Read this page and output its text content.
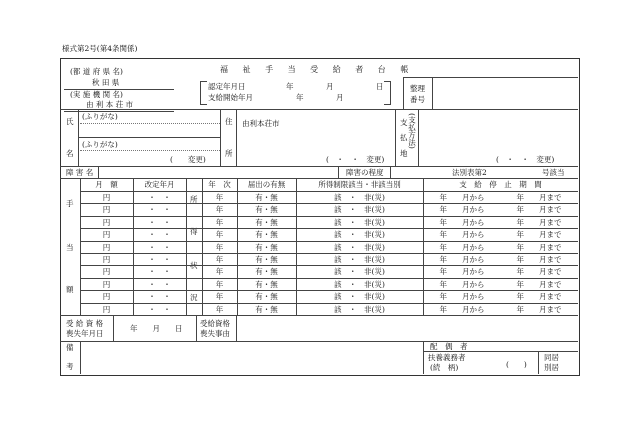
様式第2号(第4条関係)
(都 道 府 県 名)
秋 田 県
(実 施 機 関 名)
由 利 本 荘 市
福 祉 手 当 受 給 者 台 帳
認定年月日	年	月	日
支給開始年月	年	月
整理
番号
氏
名
(ふりがな)
(ふりがな)
(　　変更)
住
所
由利本荘市
(　・　・　変更)
支
払
地
(支払方法)
(　・　・　変更)
障 害 名	障害の程度	法別表第2	号該当
手
当
額
所
得
状
況
月　額	改定年月	年　次	届出の有無	所得制限該当・非該当別	支　給　停　止　期　間
円	・　・	年	有・無	該　・　非(災)	年　　月から	年　　月まで
円	・　・	年	有・無	該　・　非(災)	年　　月から	年　　月まで
円	・　・	年	有・無	該　・　非(災)	年　　月から	年　　月まで
円	・　・	年	有・無	該　・　非(災)	年　　月から	年　　月まで
円	・　・	年	有・無	該　・　非(災)	年　　月から	年　　月まで
円	・　・	年	有・無	該　・　非(災)	年　　月から	年　　月まで
円	・　・	年	有・無	該　・　非(災)	年　　月から	年　　月まで
円	・　・	年	有・無	該　・　非(災)	年　　月から	年　　月まで
円	・　・	年	有・無	該　・　非(災)	年　　月から	年　　月まで
円	・　・	年	有・無	該　・　非(災)	年　　月から	年　　月まで
受 給 資 格
喪失年月日
年　　月　　日
受給資格
喪失事由
備
考
配　偶　者
扶養義務者
(続　柄)	(　　)
同居
別居
